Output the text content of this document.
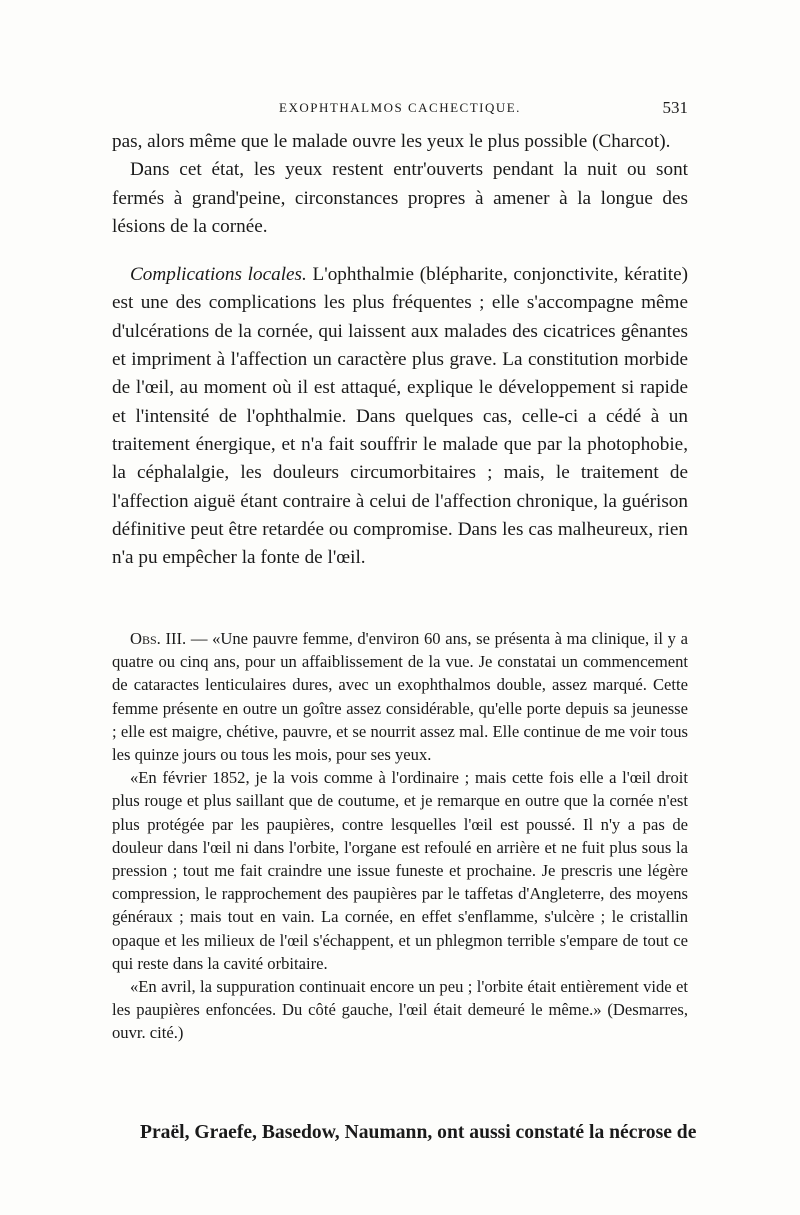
EXOPHTHALMOS CACHECTIQUE.	531

pas, alors même que le malade ouvre les yeux le plus possible (Charcot).

Dans cet état, les yeux restent entr'ouverts pendant la nuit ou sont fermés à grand'peine, circonstances propres à amener à la longue des lésions de la cornée.

Complications locales. L'ophthalmie (blépharite, conjonctivite, kératite) est une des complications les plus fréquentes ; elle s'accompagne même d'ulcérations de la cornée, qui laissent aux malades des cicatrices gênantes et impriment à l'affection un caractère plus grave. La constitution morbide de l'œil, au moment où il est attaqué, explique le développement si rapide et l'intensité de l'ophthalmie. Dans quelques cas, celle-ci a cédé à un traitement énergique, et n'a fait souffrir le malade que par la photophobie, la céphalalgie, les douleurs circumorbitaires ; mais, le traitement de l'affection aiguë étant contraire à celui de l'affection chronique, la guérison définitive peut être retardée ou compromise. Dans les cas malheureux, rien n'a pu empêcher la fonte de l'œil.

Obs. III. — «Une pauvre femme, d'environ 60 ans, se présenta à ma clinique, il y a quatre ou cinq ans, pour un affaiblissement de la vue. Je constatai un commencement de cataractes lenticulaires dures, avec un exophthalmos double, assez marqué. Cette femme présente en outre un goître assez considérable, qu'elle porte depuis sa jeunesse ; elle est maigre, chétive, pauvre, et se nourrit assez mal. Elle continue de me voir tous les quinze jours ou tous les mois, pour ses yeux.

«En février 1852, je la vois comme à l'ordinaire ; mais cette fois elle a l'œil droit plus rouge et plus saillant que de coutume, et je remarque en outre que la cornée n'est plus protégée par les paupières, contre lesquelles l'œil est poussé. Il n'y a pas de douleur dans l'œil ni dans l'orbite, l'organe est refoulé en arrière et ne fuit plus sous la pression ; tout me fait craindre une issue funeste et prochaine. Je prescris une légère compression, le rapprochement des paupières par le taffetas d'Angleterre, des moyens généraux ; mais tout en vain. La cornée, en effet s'enflamme, s'ulcère ; le cristallin opaque et les milieux de l'œil s'échappent, et un phlegmon terrible s'empare de tout ce qui reste dans la cavité orbitaire.

«En avril, la suppuration continuait encore un peu ; l'orbite était entièrement vide et les paupières enfoncées. Du côté gauche, l'œil était demeuré le même.» (Desmarres, ouvr. cité.)

Praël, Graefe, Basedow, Naumann, ont aussi constaté la nécrose de
